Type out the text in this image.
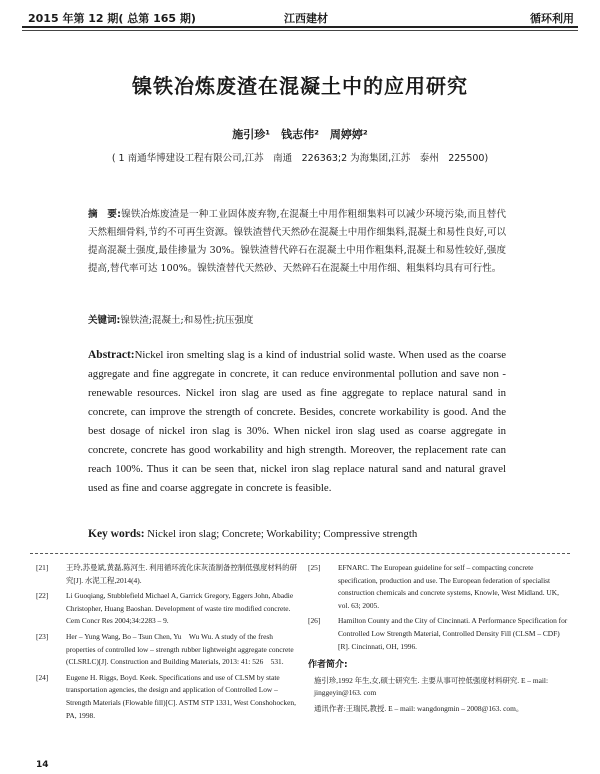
2015 年第 12 期( 总第 165 期)	江西建材	循环利用
镍铁冶炼废渣在混凝土中的应用研究
施引珍¹　钱志伟²　周婷婷²
( 1 南通华博建设工程有限公司,江苏　南通　226363;2 为海集团,江苏　泰州　225500)
摘　要:镍铁冶炼废渣是一种工业固体废弃物,在混凝土中用作粗细集料可以减少环境污染,而且替代天然粗细骨料,节约不可再生资源。镍铁渣替代天然砂在混凝土中用作细集料,混凝土和易性良好,可以提高混凝土强度,最佳掺量为 30%。镍铁渣替代碎石在混凝土中用作粗集料,混凝土和易性较好,强度提高,替代率可达 100%。镍铁渣替代天然砂、天然碎石在混凝土中用作细、粗集料均具有可行性。
关键词:镍铁渣;混凝土;和易性;抗压强度
Abstract:Nickel iron smelting slag is a kind of industrial solid waste. When used as the coarse aggregate and fine aggregate in concrete, it can reduce environmental pollution and save non - renewable resources. Nickel iron slag are used as fine aggregate to replace natural sand in concrete, can improve the strength of concrete. Besides, concrete workability is good. And the best dosage of nickel iron slag is 30%. When nickel iron slag used as coarse aggregate in concrete, concrete has good workability and high strength. Moreover, the replacement rate can reach 100%. Thus it can be seen that, nickel iron slag replace natural sand and natural gravel used as fine and coarse aggregate in concrete is feasible.
Key words: Nickel iron slag; Concrete; Workability; Compressive strength
[21] 王玲,苏曼斌,黄磊,陈河生. 利用循环流化床灰渣制备控制低强度材料的研究[J]. 水泥工程,2014(4).
[22] Li Guoqiang, Stubblefield Michael A, Garrick Gregory, Eggers John, Abadie Christopher, Huang Baoshan. Development of waste tire modified concrete. Cem Concr Res 2004;34:2283 – 9.
[23] Her – Yung Wang, Bo – Tsun Chen, Yu　Wu Wu. A study of the fresh properties of controlled low – strength rubber lightweight aggregate concrete (CLSRLC)[J]. Construction and Building Materials, 2013: 41: 526　531.
[24] Eugene H. Riggs, Boyd. Keek. Specifications and use of CLSM by state transportation agencies, the design and application of Controlled Low – Strength Materials (Flowable fill)[C]. ASTM STP 1331, West Conshohocken, PA, 1998.
[25] EFNARC. The European guideline for self – compacting concrete specification, production and use. The European federation of specialist construction chemicals and concrete systems, Knowle, West Midland. UK, vol. 63; 2005.
[26] Hamilton County and the City of Cincinnati. A Performance Specification for Controlled Low Strength Material, Controlled Density Fill (CLSM – CDF)[R]. Cincinnati, OH, 1996.
作者简介:
施引珍,1992 年生,女,硕士研究生. 主要从事可控低强度材料研究. E – mail: jinggeyin@163. com
通讯作者:王瑞民,教授. E – mail: wangdongmin – 2008@163. com。
14
